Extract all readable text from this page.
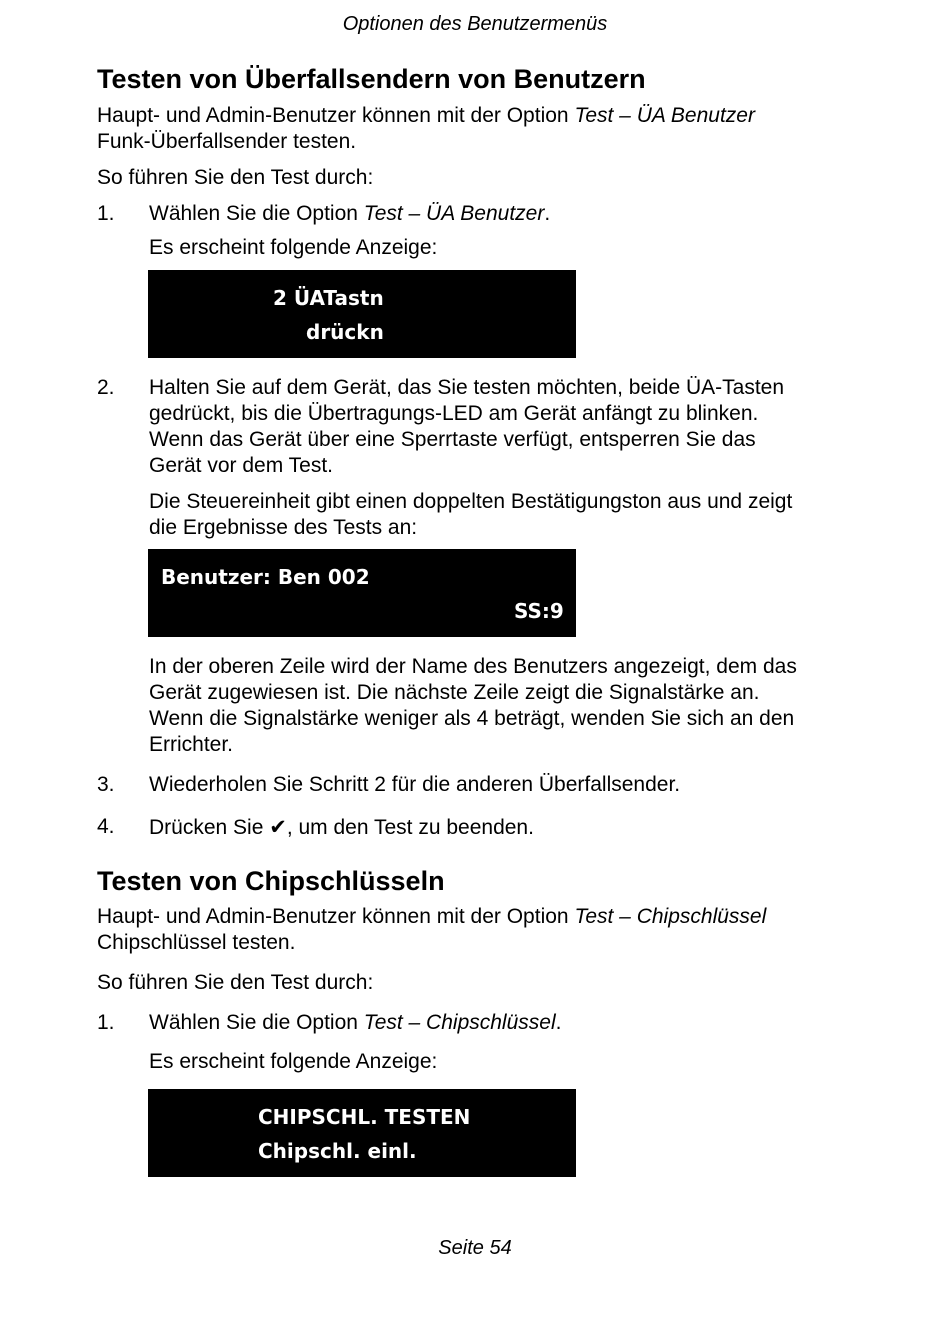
Optionen des Benutzermenüs
Testen von Überfallsendern von Benutzern
Haupt- und Admin-Benutzer können mit der Option Test – ÜA Benutzer
Funk-Überfallsender testen.
So führen Sie den Test durch:
1. Wählen Sie die Option Test – ÜA Benutzer.
Es erscheint folgende Anzeige:
2 ÜATastn
drückn
2. Halten Sie auf dem Gerät, das Sie testen möchten, beide ÜA-Tasten
gedrückt, bis die Übertragungs-LED am Gerät anfängt zu blinken.
Wenn das Gerät über eine Sperrtaste verfügt, entsperren Sie das
Gerät vor dem Test.
Die Steuereinheit gibt einen doppelten Bestätigungston aus und zeigt
die Ergebnisse des Tests an:
Benutzer: Ben 002
SS:9
In der oberen Zeile wird der Name des Benutzers angezeigt, dem das
Gerät zugewiesen ist. Die nächste Zeile zeigt die Signalstärke an.
Wenn die Signalstärke weniger als 4 beträgt, wenden Sie sich an den
Errichter.
3. Wiederholen Sie Schritt 2 für die anderen Überfallsender.
4. Drücken Sie ✔, um den Test zu beenden.
Testen von Chipschlüsseln
Haupt- und Admin-Benutzer können mit der Option Test – Chipschlüssel
Chipschlüssel testen.
So führen Sie den Test durch:
1. Wählen Sie die Option Test – Chipschlüssel.
Es erscheint folgende Anzeige:
CHIPSCHL. TESTEN
Chipschl. einl.
Seite 54
